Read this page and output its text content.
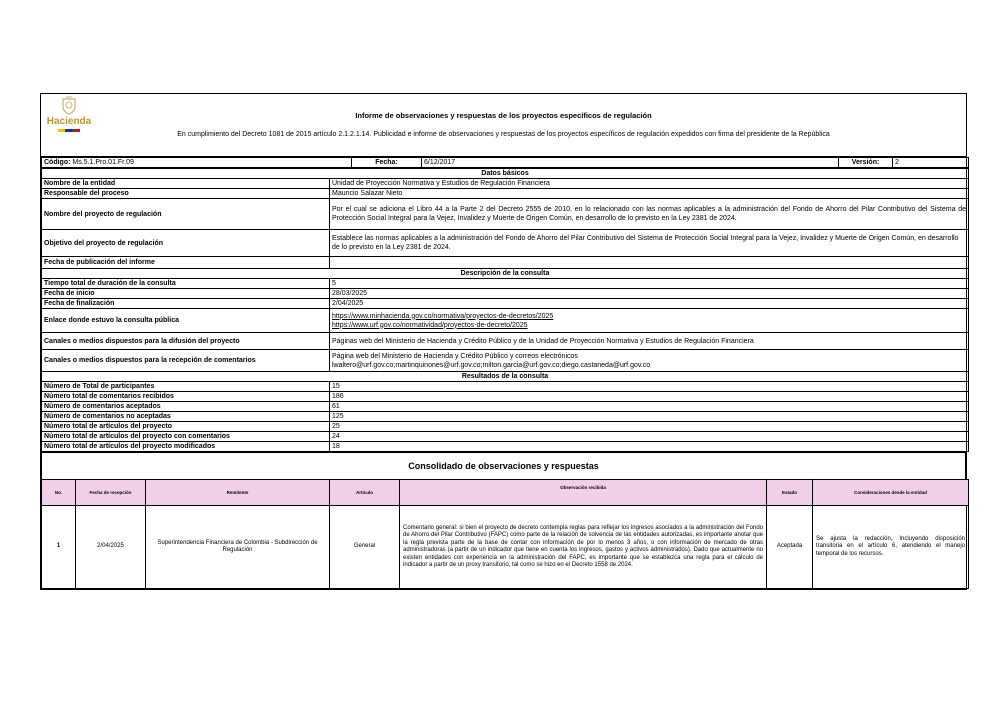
Hacienda
Informe de observaciones y respuestas de los proyectos específicos de regulación
En cumplimiento del Decreto 1081 de 2015 artículo 2.1.2.1.14. Publicidad e informe de observaciones y respuestas de los proyectos específicos de regulación expedidos con firma del presidente de la República
Código: Ms.5.1.Pro.01.Fr.09	Fecha:	6/12/2017	Versión:	2
Datos básicos	
Nombre de la entidad	Unidad de Proyección Normativa y Estudios de Regulación Financiera
Responsable del proceso	Mauricio Salazar Nieto
Nombre del proyecto de regulación	Por el cual se adiciona el Libro 44 a la Parte 2 del Decreto 2555 de 2010, en lo relacionado con las normas aplicables a la administración del Fondo de Ahorro del Pilar Contributivo del Sistema de Protección Social Integral para la Vejez, Invalidez y Muerte de Origen Común, en desarrollo de lo previsto en la Ley 2381 de 2024.
Objetivo del proyecto de regulación	Establece las normas aplicables a la administración del Fondo de Ahorro del Pilar Contributivo del Sistema de Protección Social Integral para la Vejez, Invalidez y Muerte de Origen Común, en desarrollo de lo previsto en la Ley 2381 de 2024.
Fecha de publicación del informe	
Descripción de la consulta	
Tiempo total de duración de la consulta	5
Fecha de inicio	28/03/2025
Fecha de finalización	2/04/2025
Enlace donde estuvo la consulta pública	https://www.minhacienda.gov.co/normativa/proyectos-de-decretos/2025
https://www.urf.gov.co/normatividad/proyectos-de-decreto/2025
Canales o medios dispuestos para la difusión del proyecto	Páginas web del Ministerio de Hacienda y Crédito Público y de la Unidad de Proyección Normativa y Estudios de Regulación Financiera
Canales o medios dispuestos para la recepción de comentarios	Página web del Ministerio de Hacienda y Crédito Público y correos electrónicos
lwaltero@urf.gov.co;martinquinones@urf.gov.co;milton.garcia@urf.gov.co;diego.castaneda@urf.gov.co
Resultados de la consulta	
Número de Total de participantes	15
Número total de comentarios recibidos	186
Número de comentarios aceptados	61
Número de comentarios no aceptadas	125
Número total de artículos del proyecto	25
Número total de artículos del proyecto con comentarios	24
Número total de artículos del proyecto modificados	18
Consolidado de observaciones y respuestas
No.	Fecha de recepción	Remitente	Artículo	Observación recibida	Estado	Consideraciones desde la entidad
1	2/04/2025	Superintendencia Financiera de Colombia - Subdirección de Regulación	General	Comentario general: si bien el proyecto de decreto contempla reglas para reflejar los ingresos asociados a la administración del Fondo de Ahorro del Pilar Contributivo (FAPC) como parte de la relación de solvencia de las entidades autorizadas, es importante anotar que la regla prevista parte de la base de contar con información de por lo menos 3 años, o con información de mercado de otras administradoras (a partir de un indicador que tiene en cuenta los ingresos, gastos y activos administrados). Dado que actualmente no existen entidades con experiencia en la administración del FAPC, es importante que se establezca una regla para el cálculo de indicador a partir de un proxy transitorio, tal como se hizo en el Decreto 1558 de 2024.	Aceptada	Se ajusta la redacción, Incluyendo disposición transitoria en el artículo 6, atendiendo el manejo temporal de los recursos.
